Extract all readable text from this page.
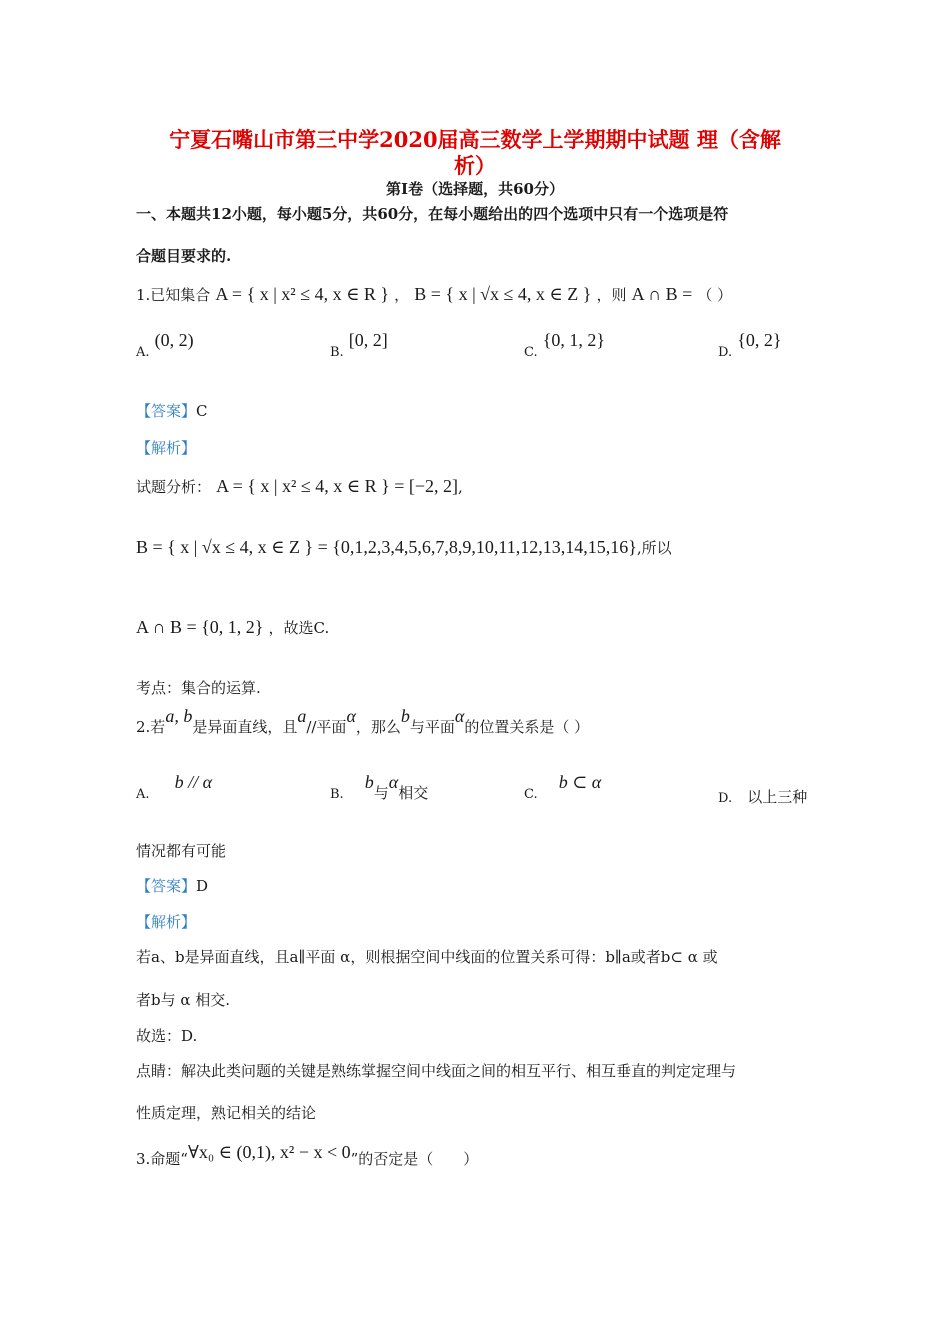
宁夏石嘴山市第三中学2020届高三数学上学期期中试题 理（含解
析）
第Ⅰ卷（选择题，共60分）
一、本题共12小题，每小题5分，共60分，在每小题给出的四个选项中只有一个选项是符
合题目要求的.
1.已知集合 A = { x | x² ≤ 4, x ∈ R } ， B = { x | √x ≤ 4, x ∈ Z } ，则 A ∩ B = （ ）
A. (0, 2)
B. [0, 2]
C. {0, 1, 2}
D. {0, 2}
【答案】C
【解析】
试题分析： A = { x | x² ≤ 4, x ∈ R } = [−2, 2],
B = { x | √x ≤ 4, x ∈ Z } = {0,1,2,3,4,5,6,7,8,9,10,11,12,13,14,15,16},所以
A ∩ B = {0, 1, 2} ，故选C.
考点：集合的运算.
2.若a, b是异面直线，且a//平面α，那么b与平面α的位置关系是（ ）
A. b // α
B. b与α相交	C. b ⊂ α
D. 以上三种
情况都有可能
【答案】D
【解析】
若a、b是异面直线，且a∥平面 α，则根据空间中线面的位置关系可得：b∥a或者b⊂ α 或
者b与 α 相交.
故选：D.
点睛：解决此类问题的关键是熟练掌握空间中线面之间的相互平行、相互垂直的判定定理与
性质定理，熟记相关的结论
3.命题“∀x₀ ∈ (0,1), x² − x < 0”的否定是（　　）
